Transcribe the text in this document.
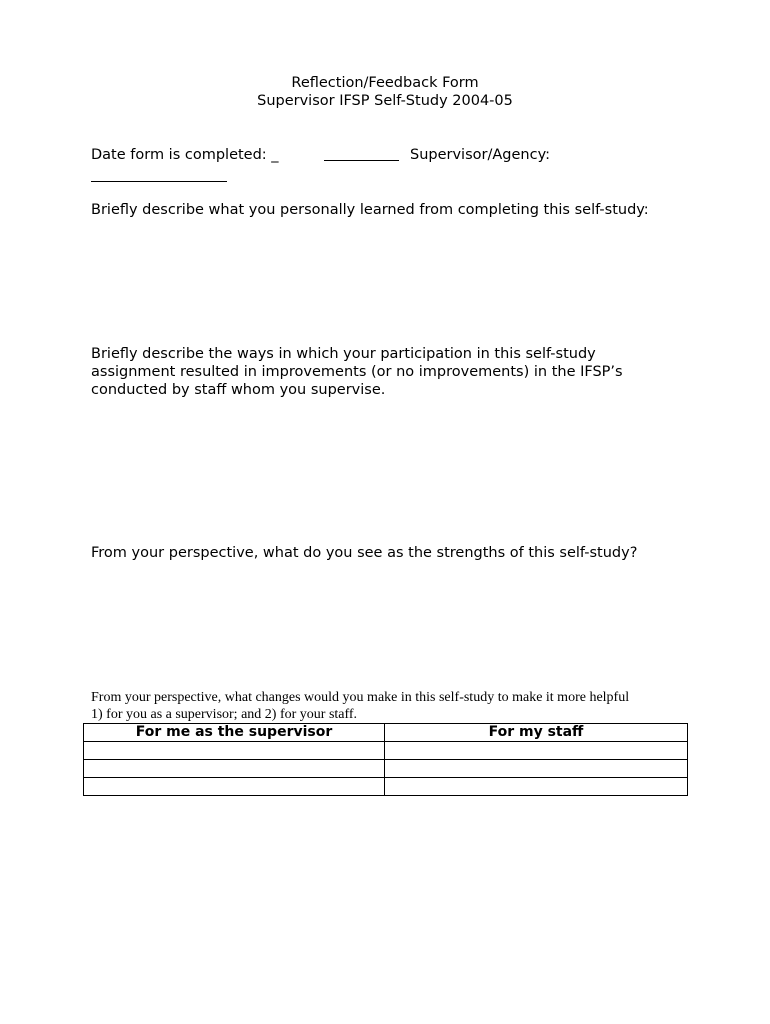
Reflection/Feedback Form
Supervisor IFSP Self-Study 2004-05
Date form is completed: _	Supervisor/Agency:
Briefly describe what you personally learned from completing this self-study:
Briefly describe the ways in which your participation in this self-study
assignment resulted in improvements (or no improvements) in the IFSP’s
conducted by staff whom you supervise.
From your perspective, what do you see as the strengths of this self-study?
From your perspective, what changes would you make in this self-study to make it more helpful
1) for you as a supervisor; and 2) for your staff.
For me as the supervisor	For my staff
